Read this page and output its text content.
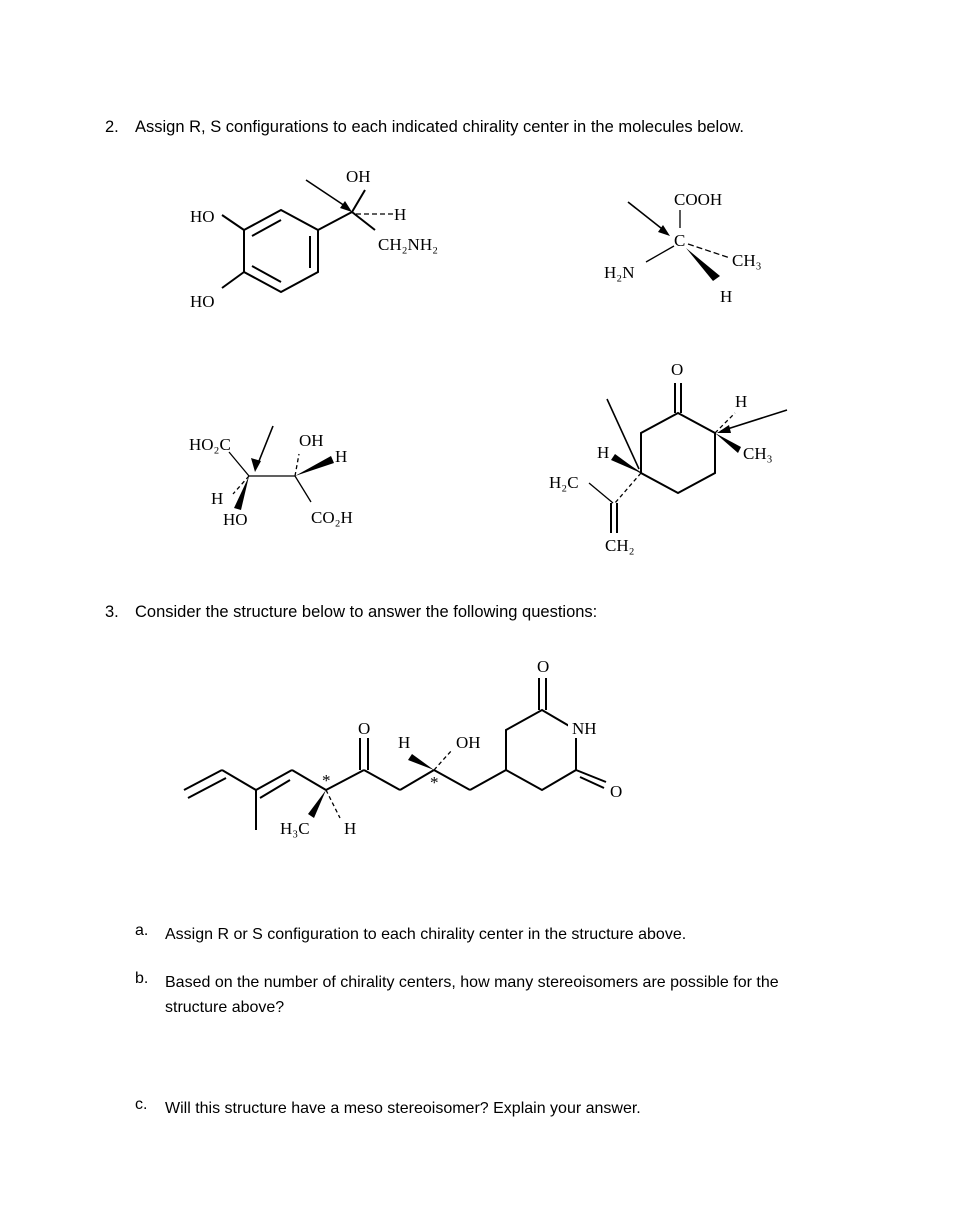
2. Assign R, S configurations to each indicated chirality center in the molecules below.
OH
H
CH₂NH₂
HO
HO
COOH
C
CH₃
H₂N
H
HO₂C	OH
H
H
HO	CO₂H
O
H
CH₃
H
H₂C
CH₂
3. Consider the structure below to answer the following questions:
*
H₃C H
O
H	OH
*
O
O
NH
a. Assign R or S configuration to each chirality center in the structure above.
b. Based on the number of chirality centers, how many stereoisomers are possible for the structure above?
c. Will this structure have a meso stereoisomer? Explain your answer.
